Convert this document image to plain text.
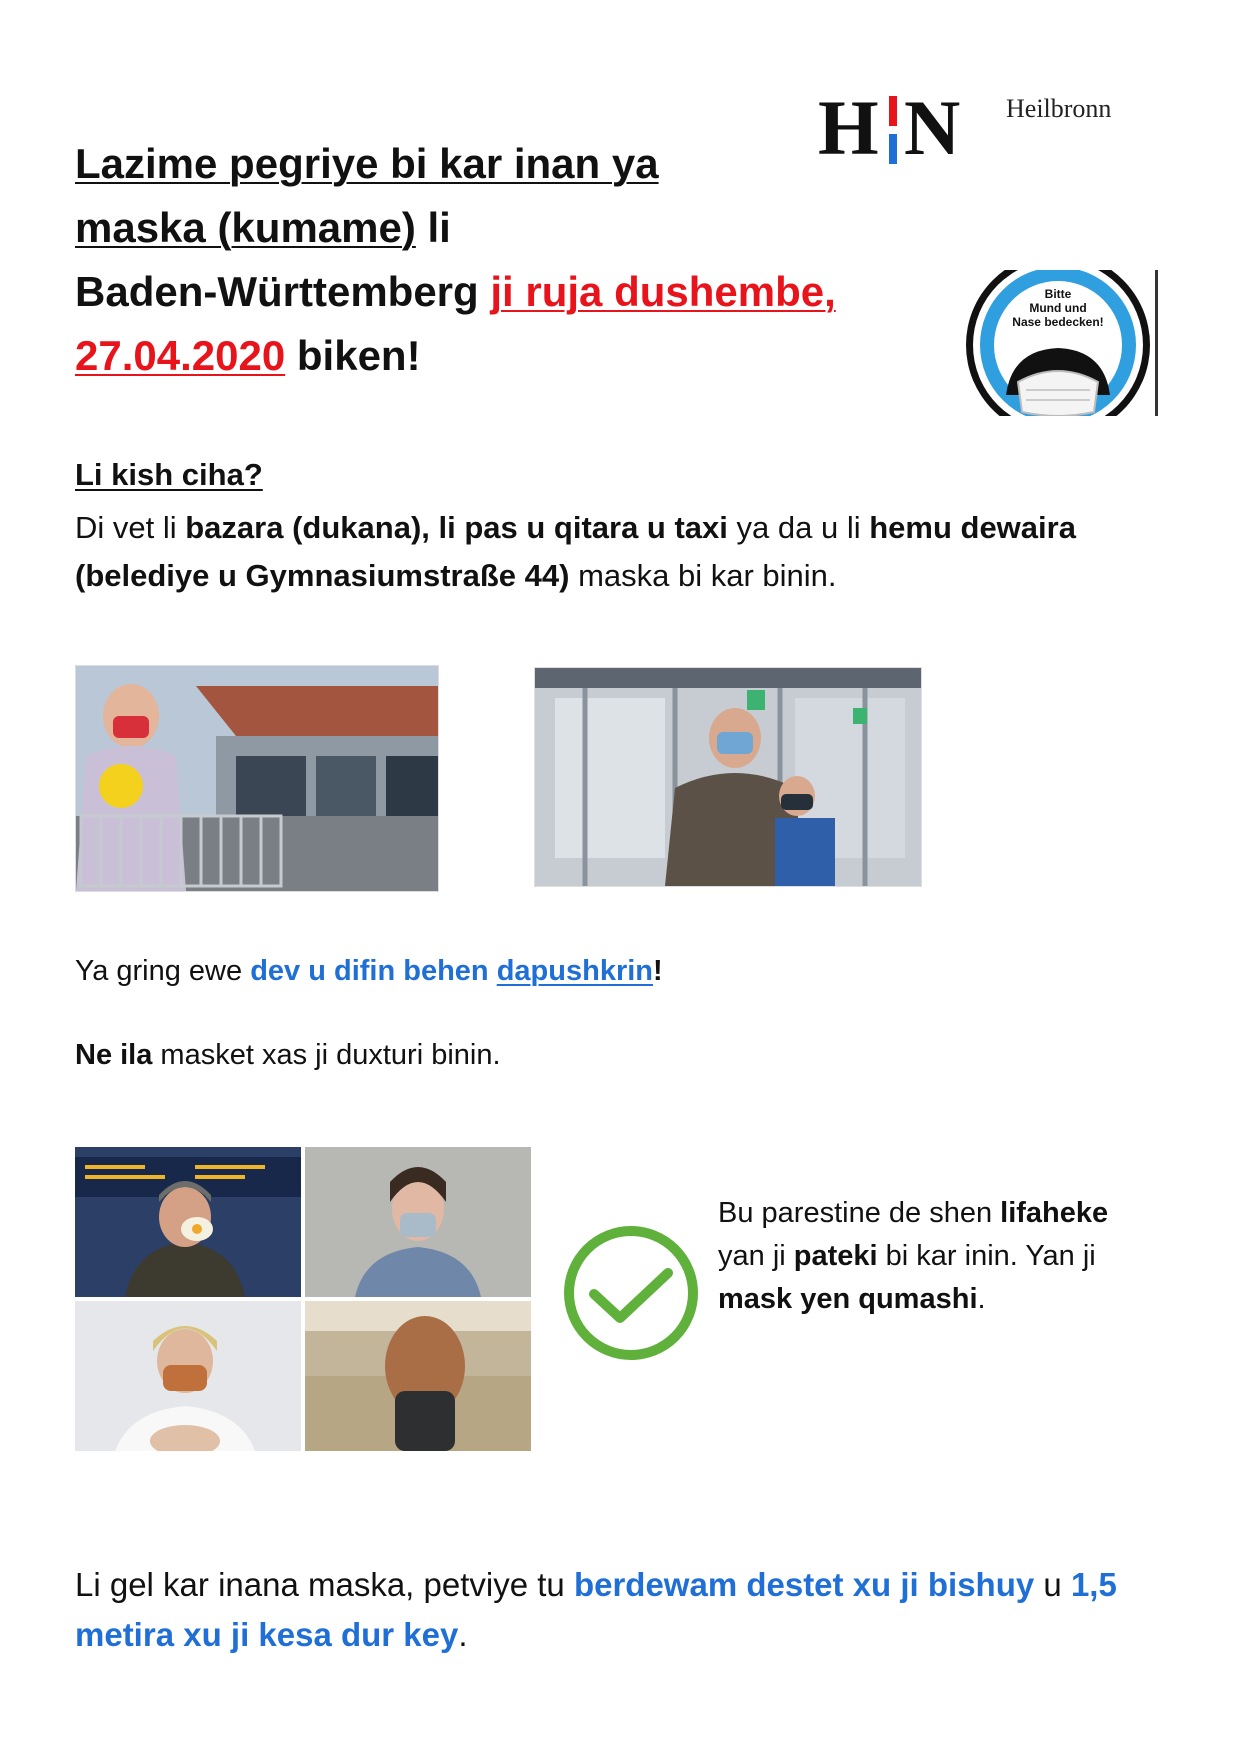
H N Heilbronn
Lazime pegriye bi kar inan ya
maska (kumame) li
Baden-Württemberg ji ruja dushembe,
27.04.2020 biken!
Bitte
Mund und
Nase bedecken!
Li kish ciha?
Di vet li bazara (dukana), li pas u qitara u taxi ya da u li hemu dewaira (belediye u Gymnasiumstraße 44) maska bi kar binin.
Ya gring ewe dev u difin behen dapushkrin!
Ne ila masket xas ji duxturi binin.
Bu parestine de shen lifaheke yan ji pateki bi kar inin. Yan ji mask yen qumashi.
Li gel kar inana maska, petviye tu berdewam destet xu ji bishuy u 1,5 metira xu ji kesa dur key.
